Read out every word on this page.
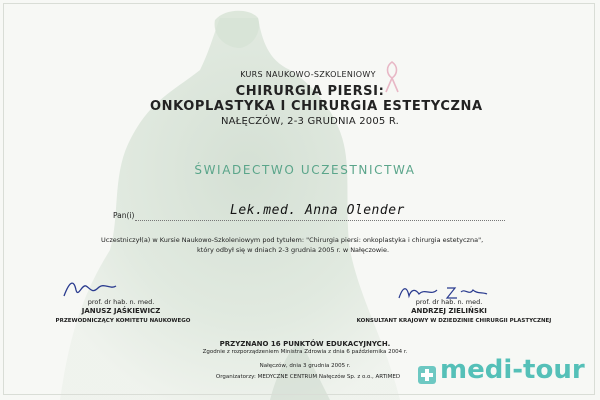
KURS NAUKOWO-SZKOLENIOWY
CHIRURGIA PIERSI:
ONKOPLASTYKA I CHIRURGIA ESTETYCZNA
NAŁĘCZÓW, 2-3 GRUDNIA 2005 R.
ŚWIADECTWO UCZESTNICTWA
Pan(i)	Lek.med. Anna Olender
Uczestniczył(a) w Kursie Naukowo-Szkoleniowym pod tytułem: "Chirurgia piersi: onkoplastyka i chirurgia estetyczna",
który odbył się w dniach 2-3 grudnia 2005 r. w Nałęczowie.
prof. dr hab. n. med.
JANUSZ JAŚKIEWICZ
PRZEWODNICZĄCY KOMITETU NAUKOWEGO
prof. dr hab. n. med.
ANDRZEJ ZIELIŃSKI
KONSULTANT KRAJOWY W DZIEDZINIE CHIRURGII PLASTYCZNEJ
PRZYZNANO 16 PUNKTÓW EDUKACYJNYCH.
Zgodnie z rozporządzeniem Ministra Zdrowia z dnia 6 października 2004 r.
Nałęczów, dnia 3 grudnia 2005 r.
Organizatorzy: MEDYCZNE CENTRUM Nałęczów Sp. z o.o., ARTIMED	medi-tour
